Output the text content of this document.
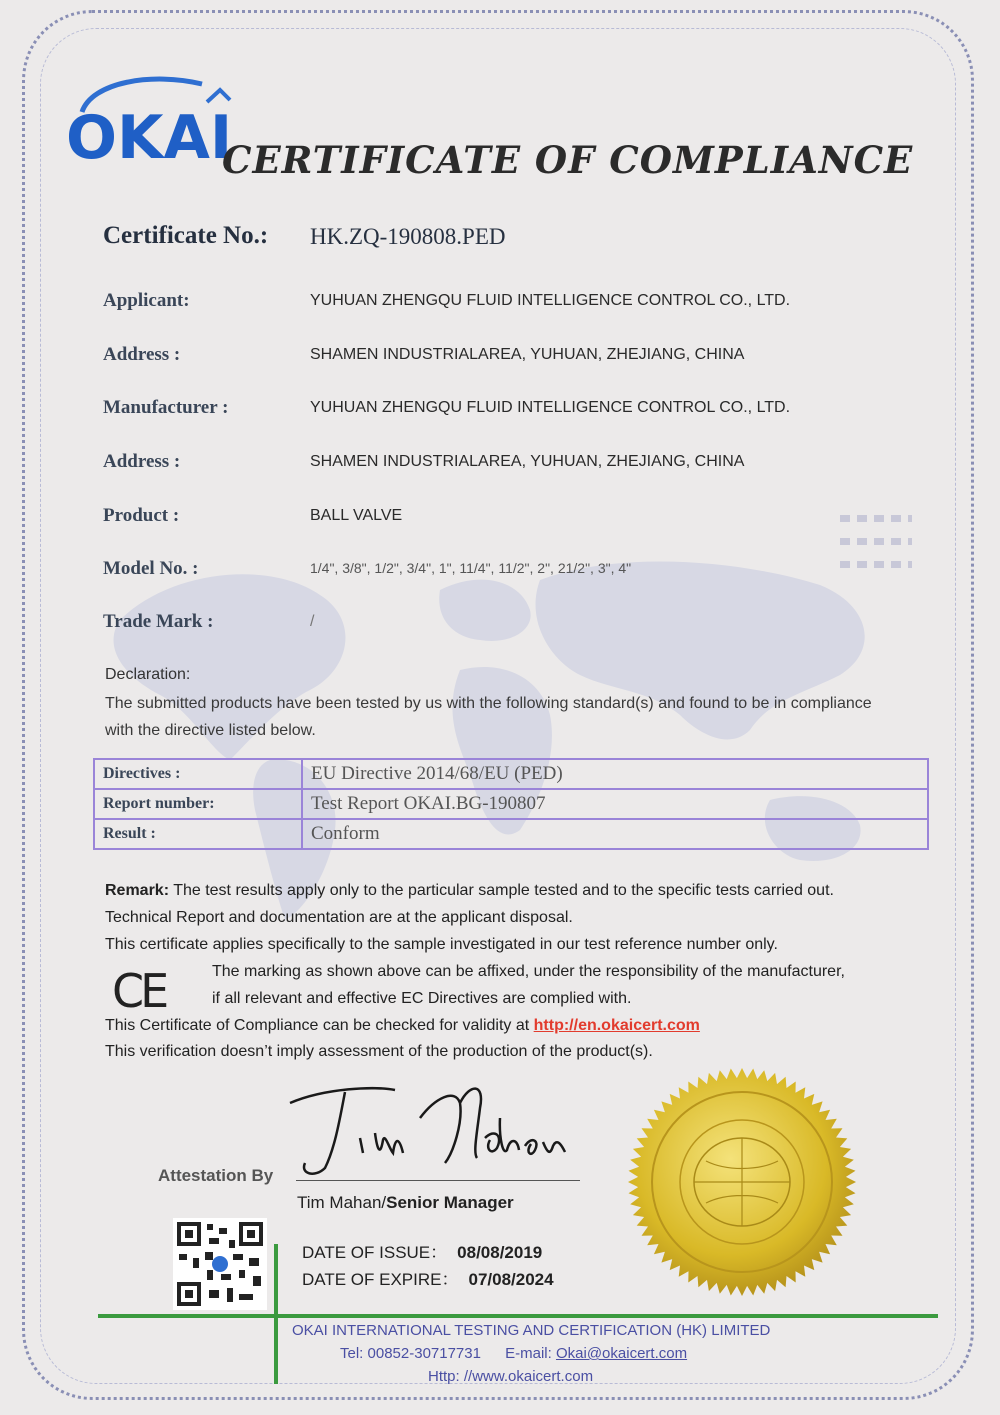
OKAI
CERTIFICATE OF COMPLIANCE
Certificate No.: HK.ZQ-190808.PED
Applicant:	YUHUAN ZHENGQU FLUID INTELLIGENCE CONTROL CO., LTD.
Address :	SHAMEN INDUSTRIALAREA, YUHUAN, ZHEJIANG, CHINA
Manufacturer :	YUHUAN ZHENGQU FLUID INTELLIGENCE CONTROL CO., LTD.
Address :	SHAMEN INDUSTRIALAREA, YUHUAN, ZHEJIANG, CHINA
Product :	BALL VALVE
Model No. :	1/4", 3/8", 1/2", 3/4", 1", 11/4", 11/2", 2", 21/2", 3", 4"
Trade Mark :	/
Declaration:
The submitted products have been tested by us with the following standard(s) and found to be in compliance with the directive listed below.
Directives :	EU Directive 2014/68/EU (PED)
Report number:	Test Report OKAI.BG-190807
Result :	Conform
Remark: The test results apply only to the particular sample tested and to the specific tests carried out.
Technical Report and documentation are at the applicant disposal.
This certificate applies specifically to the sample investigated in our test reference number only.
CE	The marking as shown above can be affixed, under the responsibility of the manufacturer,
if all relevant and effective EC Directives are complied with.
This Certificate of Compliance can be checked for validity at http://en.okaicert.com
This verification doesn’t imply assessment of the production of the product(s).
Attestation By
Tim Mahan/Senior Manager
DATE OF ISSUE： 08/08/2019
DATE OF EXPIRE： 07/08/2024
OKAI INTERNATIONAL TESTING AND CERTIFICATION (HK) LIMITED
Tel: 00852-30717731 E-mail: Okai@okaicert.com
Http: //www.okaicert.com
